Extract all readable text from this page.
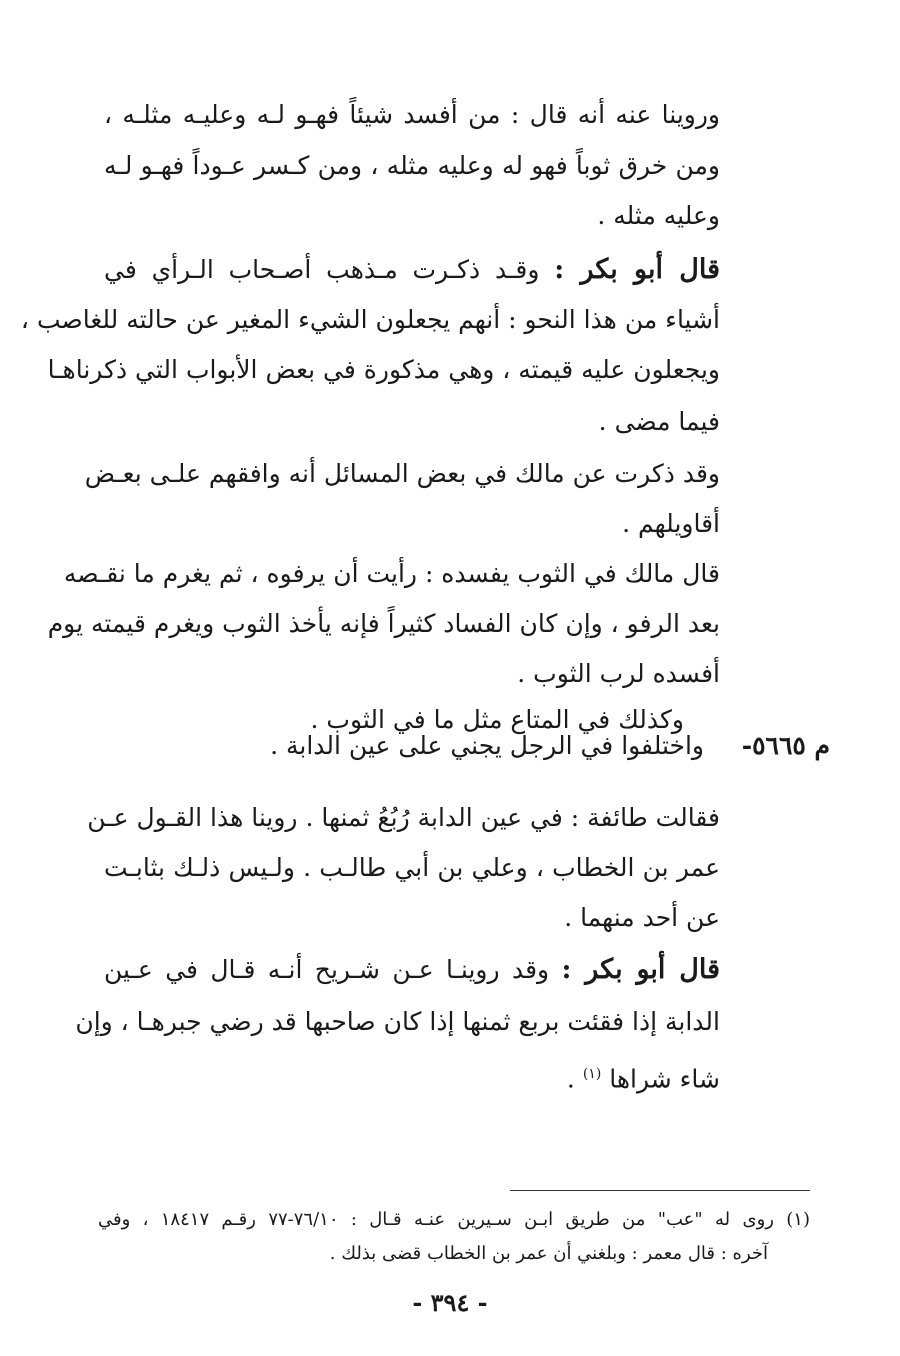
وروينا عنه أنه قال : من أفسد شيئاً فهـو لـه وعليـه مثلـه ،
ومن خرق ثوباً فهو له وعليه مثله ، ومن كـسر عـوداً فهـو لـه
وعليه مثله .
قال أبو بكر : وقـد ذكـرت مـذهب أصـحاب الـرأي في
أشياء من هذا النحو : أنهم يجعلون الشيء المغير عن حالته للغاصب ،
ويجعلون عليه قيمته ، وهي مذكورة في بعض الأبواب التي ذكرناهـا
فيما مضى .
وقد ذكرت عن مالك في بعض المسائل أنه وافقهم علـى بعـض
أقاويلهم .
قال مالك في الثوب يفسده : رأيت أن يرفوه ، ثم يغرم ما نقـصه
بعد الرفو ، وإن كان الفساد كثيراً فإنه يأخذ الثوب ويغرم قيمته يوم
أفسده لرب الثوب .
وكذلك في المتاع مثل ما في الثوب .
م ٥٦٦٥-
واختلفوا في الرجل يجني على عين الدابة .
فقالت طائفة : في عين الدابة رُبُعُ ثمنها . روينا هذا القـول عـن
عمر بن الخطاب ، وعلي بن أبي طالـب . ولـيس ذلـك بثابـت
عن أحد منهما .
قال أبو بكر : وقد روينـا عـن شـريح أنـه قـال في عـين
الدابة إذا فقئت بربع ثمنها إذا كان صاحبها قد رضي جبرهـا ، وإن
شاء شراها $^{(١)}$ .
(١) روى له "عب" من طريق ابـن سـيرين عنـه قـال : ٧٦/١٠-٧٧ رقـم ١٨٤١٧ ، وفي
آخره : قال معمر : وبلغني أن عمر بن الخطاب قضى بذلك .
- ٣٩٤ -
